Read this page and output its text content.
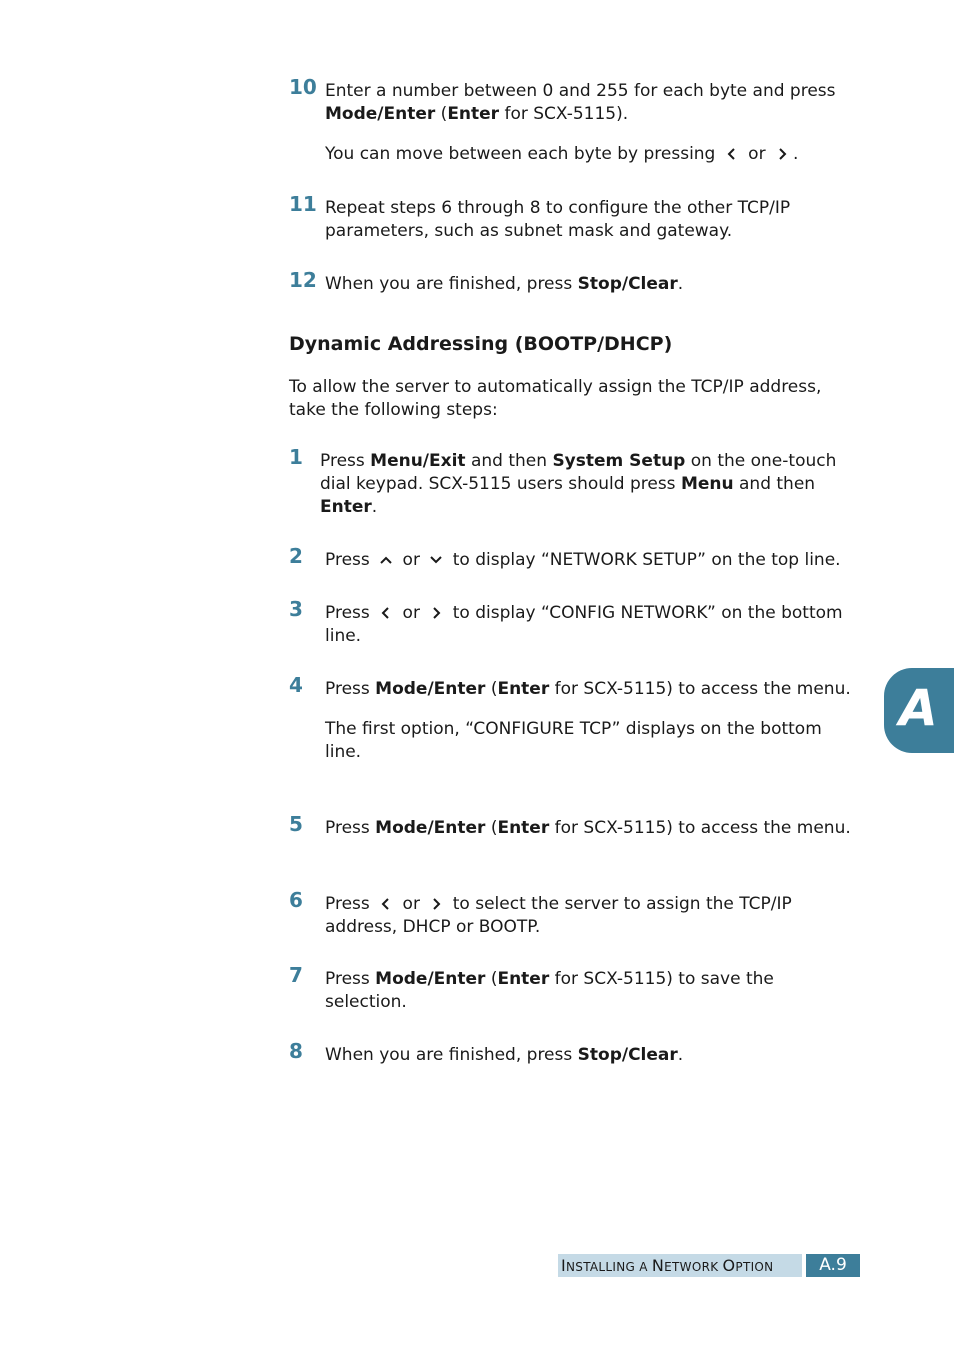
10 Enter a number between 0 and 255 for each byte and press Mode/Enter (Enter for SCX-5115).

You can move between each byte by pressing
or
.

11 Repeat steps 6 through 8 to configure the other TCP/IP parameters, such as subnet mask and gateway.

12 When you are finished, press Stop/Clear.

Dynamic Addressing (BOOTP/DHCP)

To allow the server to automatically assign the TCP/IP address, take the following steps:

1 Press Menu/Exit and then System Setup on the one-touch dial keypad. SCX-5115 users should press Menu and then Enter.

2 Press
or
to display “NETWORK SETUP” on the top line.

3 Press
or
to display “CONFIG NETWORK” on the bottom line.

4 Press Mode/Enter (Enter for SCX-5115) to access the menu.

The first option, “CONFIGURE TCP” displays on the bottom line.

5 Press Mode/Enter (Enter for SCX-5115) to access the menu.

6 Press
or
to select the server to assign the TCP/IP address, DHCP or BOOTP.

7 Press Mode/Enter (Enter for SCX-5115) to save the selection.

8 When you are finished, press Stop/Clear.

A
INSTALLING A NETWORK OPTION	A.9
